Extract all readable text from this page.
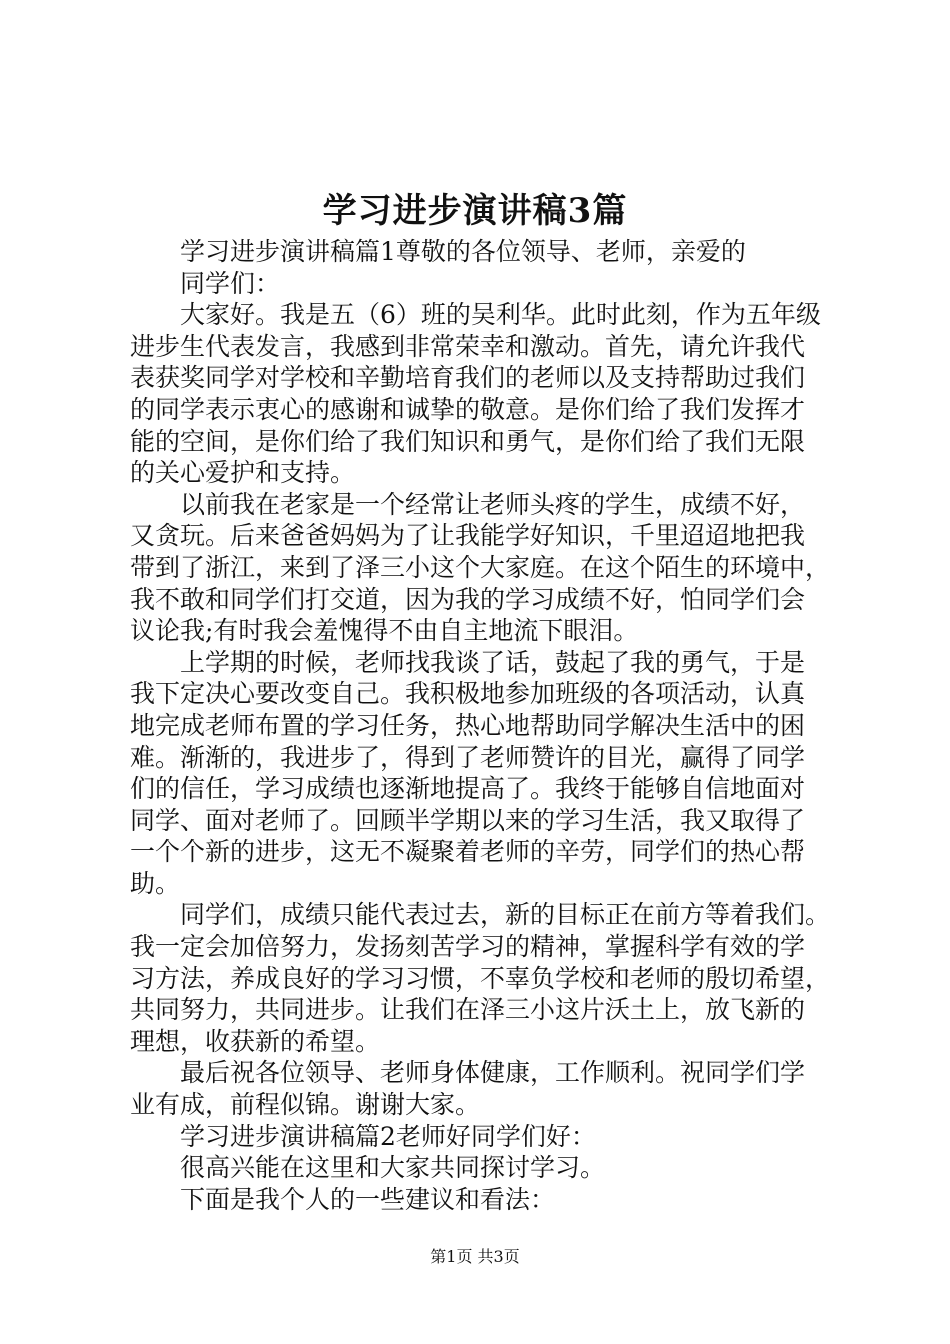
学习进步演讲稿3篇
学习进步演讲稿篇1尊敬的各位领导、老师，亲爱的
同学们：
大家好。我是五（6）班的吴利华。此时此刻，作为五年级
进步生代表发言，我感到非常荣幸和激动。首先，请允许我代
表获奖同学对学校和辛勤培育我们的老师以及支持帮助过我们
的同学表示衷心的感谢和诚挚的敬意。是你们给了我们发挥才
能的空间，是你们给了我们知识和勇气，是你们给了我们无限
的关心爱护和支持。
以前我在老家是一个经常让老师头疼的学生，成绩不好，
又贪玩。后来爸爸妈妈为了让我能学好知识，千里迢迢地把我
带到了浙江，来到了泽三小这个大家庭。在这个陌生的环境中，
我不敢和同学们打交道，因为我的学习成绩不好，怕同学们会
议论我;有时我会羞愧得不由自主地流下眼泪。
上学期的时候，老师找我谈了话，鼓起了我的勇气，于是
我下定决心要改变自己。我积极地参加班级的各项活动，认真
地完成老师布置的学习任务，热心地帮助同学解决生活中的困
难。渐渐的，我进步了，得到了老师赞许的目光，赢得了同学
们的信任，学习成绩也逐渐地提高了。我终于能够自信地面对
同学、面对老师了。回顾半学期以来的学习生活，我又取得了
一个个新的进步，这无不凝聚着老师的辛劳，同学们的热心帮
助。
同学们，成绩只能代表过去，新的目标正在前方等着我们。
我一定会加倍努力，发扬刻苦学习的精神，掌握科学有效的学
习方法，养成良好的学习习惯，不辜负学校和老师的殷切希望，
共同努力，共同进步。让我们在泽三小这片沃土上，放飞新的
理想，收获新的希望。
最后祝各位领导、老师身体健康，工作顺利。祝同学们学
业有成，前程似锦。谢谢大家。
学习进步演讲稿篇2老师好同学们好：
很高兴能在这里和大家共同探讨学习。
下面是我个人的一些建议和看法：
第1页 共3页
